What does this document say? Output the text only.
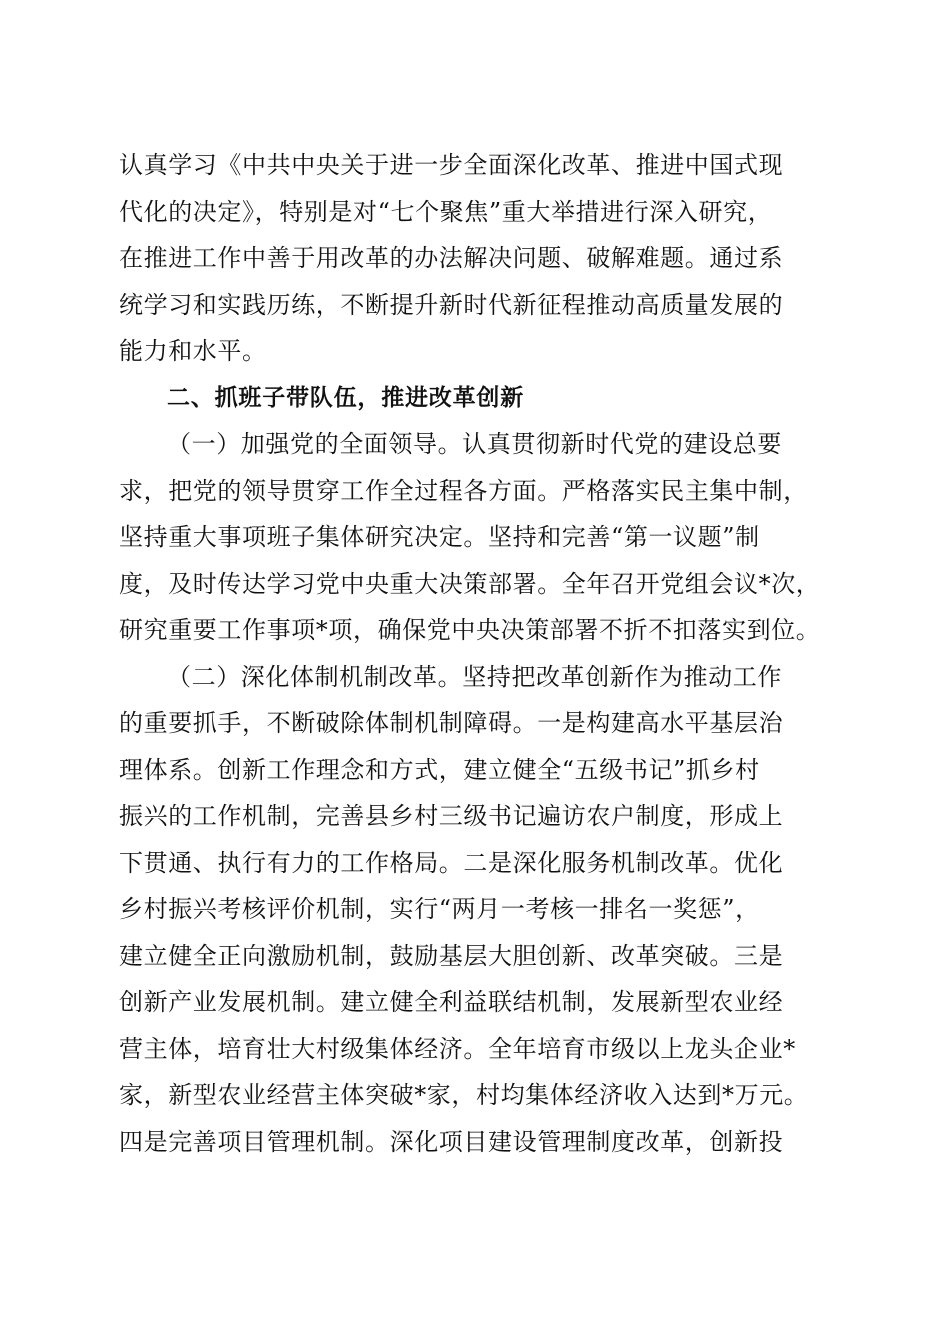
认真学习《中共中央关于进一步全面深化改革、推进中国式现
代化的决定》，特别是对“七个聚焦”重大举措进行深入研究，
在推进工作中善于用改革的办法解决问题、破解难题。通过系
统学习和实践历练，不断提升新时代新征程推动高质量发展的
能力和水平。
二、抓班子带队伍，推进改革创新
（一）加强党的全面领导。认真贯彻新时代党的建设总要
求，把党的领导贯穿工作全过程各方面。严格落实民主集中制，
坚持重大事项班子集体研究决定。坚持和完善“第一议题”制
度，及时传达学习党中央重大决策部署。全年召开党组会议*次，
研究重要工作事项*项，确保党中央决策部署不折不扣落实到位。
（二）深化体制机制改革。坚持把改革创新作为推动工作
的重要抓手，不断破除体制机制障碍。一是构建高水平基层治
理体系。创新工作理念和方式，建立健全“五级书记”抓乡村
振兴的工作机制，完善县乡村三级书记遍访农户制度，形成上
下贯通、执行有力的工作格局。二是深化服务机制改革。优化
乡村振兴考核评价机制，实行“两月一考核一排名一奖惩”，
建立健全正向激励机制，鼓励基层大胆创新、改革突破。三是
创新产业发展机制。建立健全利益联结机制，发展新型农业经
营主体，培育壮大村级集体经济。全年培育市级以上龙头企业*
家，新型农业经营主体突破*家，村均集体经济收入达到*万元。
四是完善项目管理机制。深化项目建设管理制度改革，创新投
